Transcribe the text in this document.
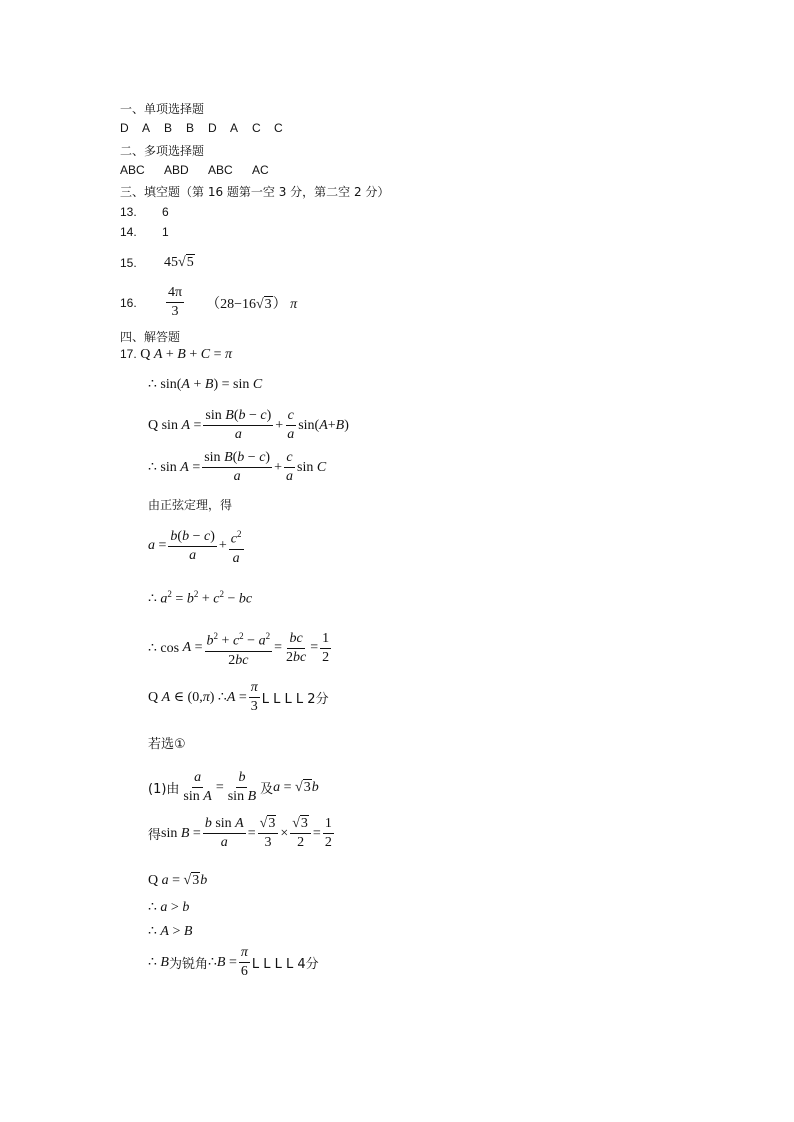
一、单项选择题
D A B B D A C C
二、多项选择题
ABC ABD ABC AC
三、填空题（第 16 题第一空 3 分，第二空 2 分）
13. 6
14. 1
15.	45 √ 5
16.	$\frac{4\pi}{3} (28-16√3)$ π
四、解答题
17. Q A + B + C = π
∴ sin(A + B) = sin C
Q $\sin A = \frac{\text{sin B(b − c)}}{a} + \frac{c}{a} \sin$( A + B )
∴ $\sin A = \frac{\text{sin B(b − c)}}{a} + \frac{c}{a}$ sin C
由正弦定理，得
$a = \frac{b(b - c)}{a} + \frac{c^2}{a}$
∴ $a^2 = b^2 + c^2$ − bc
∴ $\cos A = \frac{b^2 + c^2 - a^2}{2bc} = \frac{bc}{2bc} = \frac{1}{2}$
Q A ∈ (0, π ) ∴ $A = \frac{\pi}{3}$ L L L L 2分
若选①
(1)由 $\frac{a}{\text{sin A}} = \frac{b}{\text{sin B}}$ 及 a = √ 3 b
得 $\sin B = \frac{\text{b sin A}}{a} = \frac{√3}{3} \times \frac{√3}{2} = \frac{1}{2}$
Q a = √3b
∴ a > b
∴ A > B
∴ B 为锐角 ∴ $B = \frac{\pi}{6}$ L L L L 4分
